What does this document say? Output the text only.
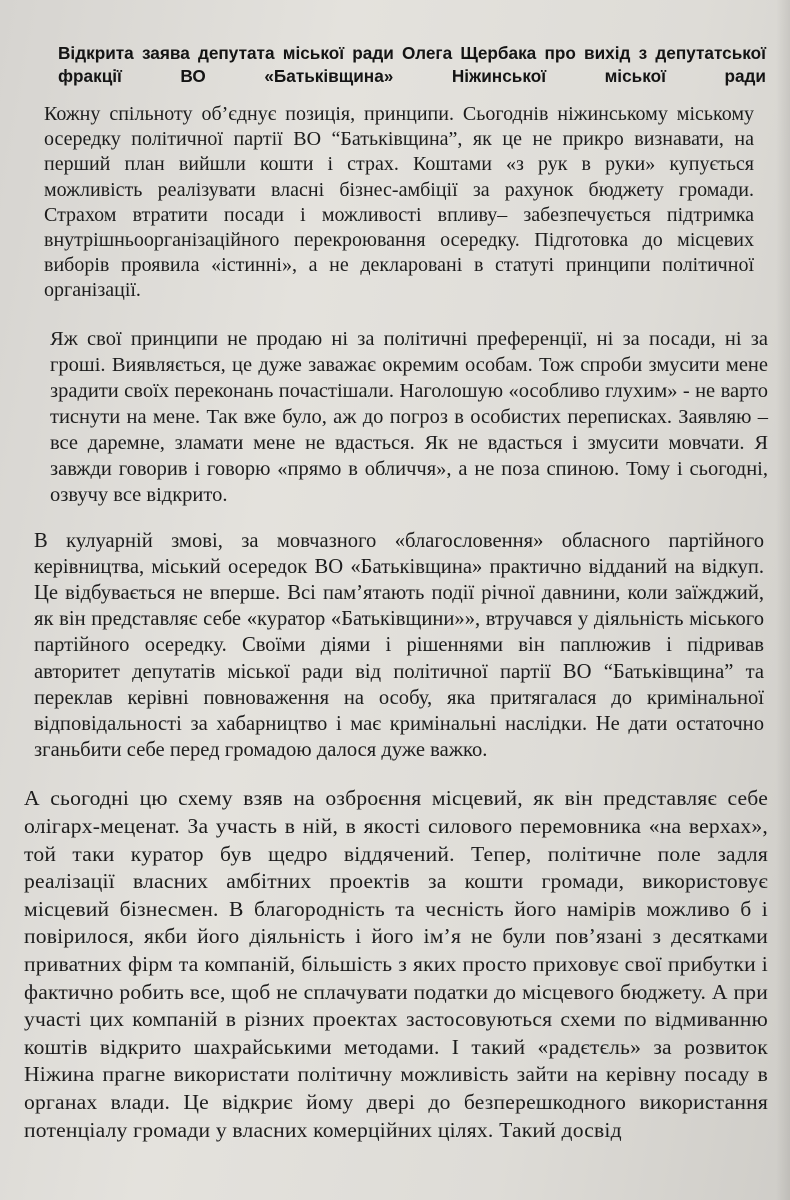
Відкрита заява депутата міської ради Олега Щербака про вихід з депутатської фракції ВО «Батьківщина» Ніжинської міської ради

Кожну спільноту об’єднує позиція, принципи. Сьогоднів ніжинському міському осередку політичної партії ВО “Батьківщина”, як це не прикро визнавати, на перший план вийшли кошти і страх. Коштами «з рук в руки» купується можливість реалізувати власні бізнес-амбіції за рахунок бюджету громади. Страхом втратити посади і можливості впливу– забезпечується підтримка внутрішньоорганізаційного перекроювання осередку. Підготовка до місцевих виборів проявила «істинні», а не декларовані в статуті принципи політичної організації.

Яж свої принципи не продаю ні за політичні преференції, ні за посади, ні за гроші. Виявляється, це дуже заважає окремим особам. Тож спроби змусити мене зрадити своїх переконань почастішали. Наголошую «особливо глухим» - не варто тиснути на мене. Так вже було, аж до погроз в особистих переписках. Заявляю – все даремне, зламати мене не вдасться. Як не вдасться і змусити мовчати. Я завжди говорив і говорю «прямо в обличчя», а не поза спиною. Тому і сьогодні, озвучу все відкрито.

В кулуарній змові, за мовчазного «благословення» обласного партійного керівництва, міський осередок ВО «Батьківщина» практично відданий на відкуп. Це відбувається не вперше. Всі пам’ятають події річної давнини, коли заїжджий, як він представляє себе «куратор «Батьківщини»», втручався у діяльність міського партійного осередку. Своїми діями і рішеннями він паплюжив і підривав авторитет депутатів міської ради від політичної партії ВО “Батьківщина” та переклав керівні повноваження на особу, яка притягалася до кримінальної відповідальності за хабарництво і має кримінальні наслідки. Не дати остаточно зганьбити себе перед громадою далося дуже важко.

А сьогодні цю схему взяв на озброєння місцевий, як він представляє себе олігарх-меценат. За участь в ній, в якості силового перемовника «на верхах», той таки куратор був щедро віддячений. Тепер, політичне поле задля реалізації власних амбітних проектів за кошти громади, використовує місцевий бізнесмен. В благородність та чесність його намірів можливо б і повірилося, якби його діяльність і його ім’я не були пов’язані з десятками приватних фірм та компаній, більшість з яких просто приховує свої прибутки і фактично робить все, щоб не сплачувати податки до місцевого бюджету. А при участі цих компаній в різних проектах застосовуються схеми по відмиванню коштів відкрито шахрайськими методами. І такий «радєтєль» за розвиток Ніжина прагне використати політичну можливість зайти на керівну посаду в органах влади. Це відкриє йому двері до безперешкодного використання потенціалу громади у власних комерційних цілях. Такий досвід
